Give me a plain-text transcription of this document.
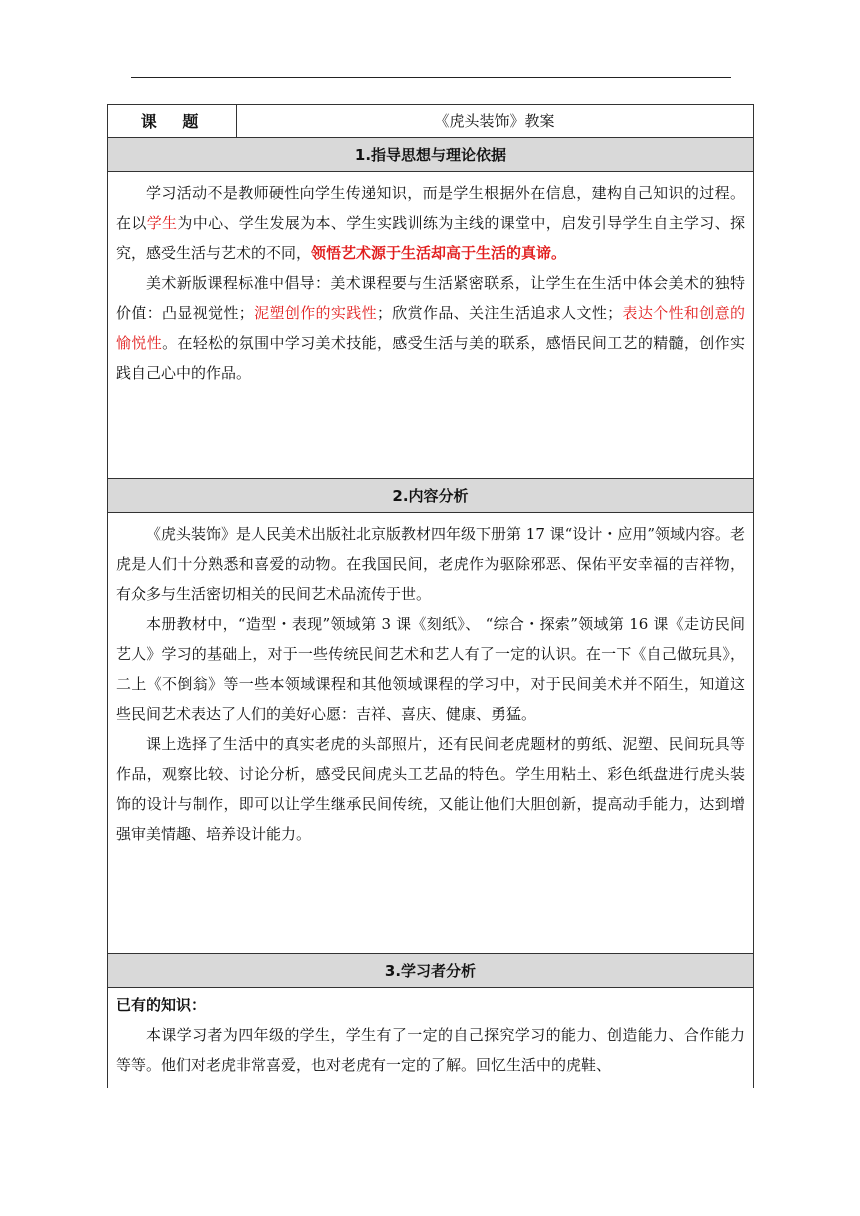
课　题	《虎头装饰》教案
1.指导思想与理论依据

学习活动不是教师硬性向学生传递知识，而是学生根据外在信息，建构自己知识的过程。在以学生为中心、学生发展为本、学生实践训练为主线的课堂中，启发引导学生自主学习、探究，感受生活与艺术的不同，领悟艺术源于生活却高于生活的真谛。

美术新版课程标准中倡导：美术课程要与生活紧密联系，让学生在生活中体会美术的独特价值：凸显视觉性；泥塑创作的实践性；欣赏作品、关注生活追求人文性；表达个性和创意的愉悦性。在轻松的氛围中学习美术技能，感受生活与美的联系，感悟民间工艺的精髓，创作实践自己心中的作品。

2.内容分析

《虎头装饰》是人民美术出版社北京版教材四年级下册第 17 课“设计・应用”领域内容。老虎是人们十分熟悉和喜爱的动物。在我国民间，老虎作为驱除邪恶、保佑平安幸福的吉祥物，有众多与生活密切相关的民间艺术品流传于世。

本册教材中，“造型・表现”领域第 3 课《刻纸》、 “综合・探索”领域第 16 课《走访民间艺人》学习的基础上，对于一些传统民间艺术和艺人有了一定的认识。在一下《自己做玩具》，二上《不倒翁》等一些本领域课程和其他领域课程的学习中，对于民间美术并不陌生，知道这些民间艺术表达了人们的美好心愿：吉祥、喜庆、健康、勇猛。

课上选择了生活中的真实老虎的头部照片，还有民间老虎题材的剪纸、泥塑、民间玩具等作品，观察比较、讨论分析，感受民间虎头工艺品的特色。学生用粘土、彩色纸盘进行虎头装饰的设计与制作，即可以让学生继承民间传统，又能让他们大胆创新，提高动手能力，达到增强审美情趣、培养设计能力。

3.学习者分析

已有的知识：

本课学习者为四年级的学生，学生有了一定的自己探究学习的能力、创造能力、合作能力等等。他们对老虎非常喜爱，也对老虎有一定的了解。回忆生活中的虎鞋、
